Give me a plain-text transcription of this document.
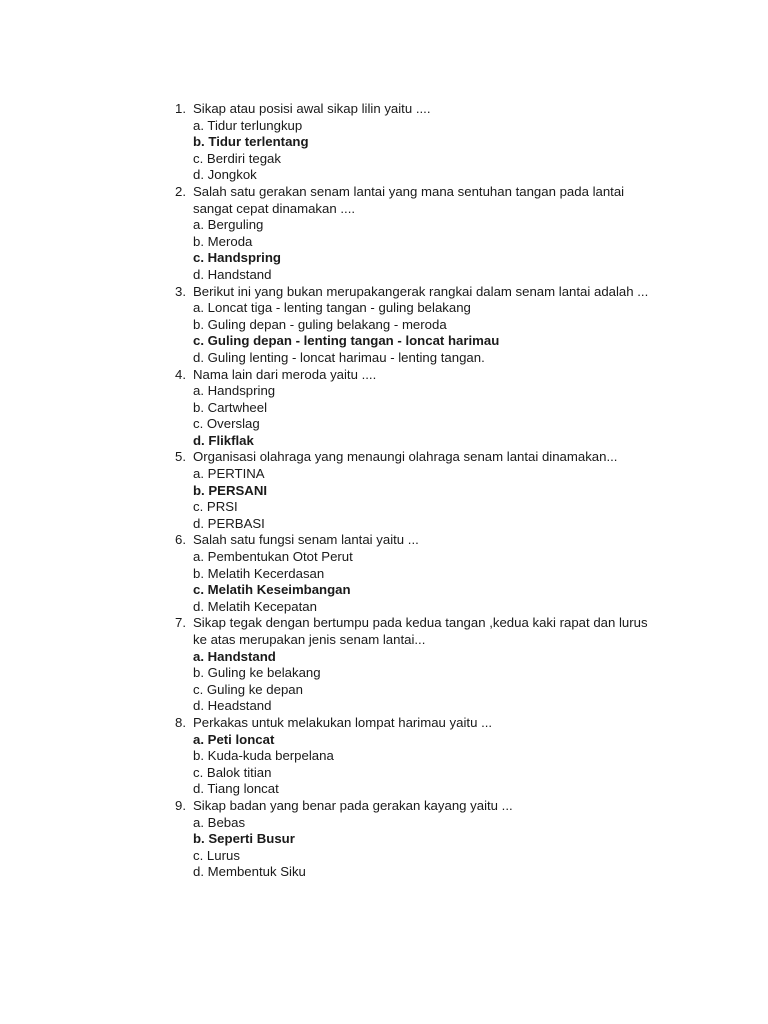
1. Sikap atau posisi awal sikap lilin yaitu ....
a. Tidur terlungkup
b. Tidur terlentang
c. Berdiri tegak
d. Jongkok
2. Salah satu gerakan senam lantai yang mana sentuhan tangan pada lantai sangat cepat dinamakan ....
a. Berguling
b. Meroda
c. Handspring
d. Handstand
3. Berikut ini yang bukan merupakangerak rangkai dalam senam lantai adalah ...
a. Loncat tiga - lenting tangan - guling belakang
b. Guling depan - guling belakang - meroda
c. Guling depan - lenting tangan - loncat harimau
d. Guling lenting - loncat harimau - lenting tangan.
4. Nama lain dari meroda yaitu ....
a. Handspring
b. Cartwheel
c. Overslag
d. Flikflak
5. Organisasi olahraga yang menaungi olahraga senam lantai dinamakan...
a. PERTINA
b. PERSANI
c. PRSI
d. PERBASI
6. Salah satu fungsi senam lantai yaitu ...
a. Pembentukan Otot Perut
b. Melatih Kecerdasan
c. Melatih Keseimbangan
d. Melatih Kecepatan
7. Sikap tegak dengan bertumpu pada kedua tangan ,kedua kaki rapat dan lurus ke atas merupakan jenis senam lantai...
a. Handstand
b. Guling ke belakang
c. Guling ke depan
d. Headstand
8. Perkakas untuk melakukan lompat harimau yaitu ...
a. Peti loncat
b. Kuda-kuda berpelana
c. Balok titian
d. Tiang loncat
9. Sikap badan yang benar pada gerakan kayang yaitu ...
a. Bebas
b. Seperti Busur
c. Lurus
d. Membentuk Siku
